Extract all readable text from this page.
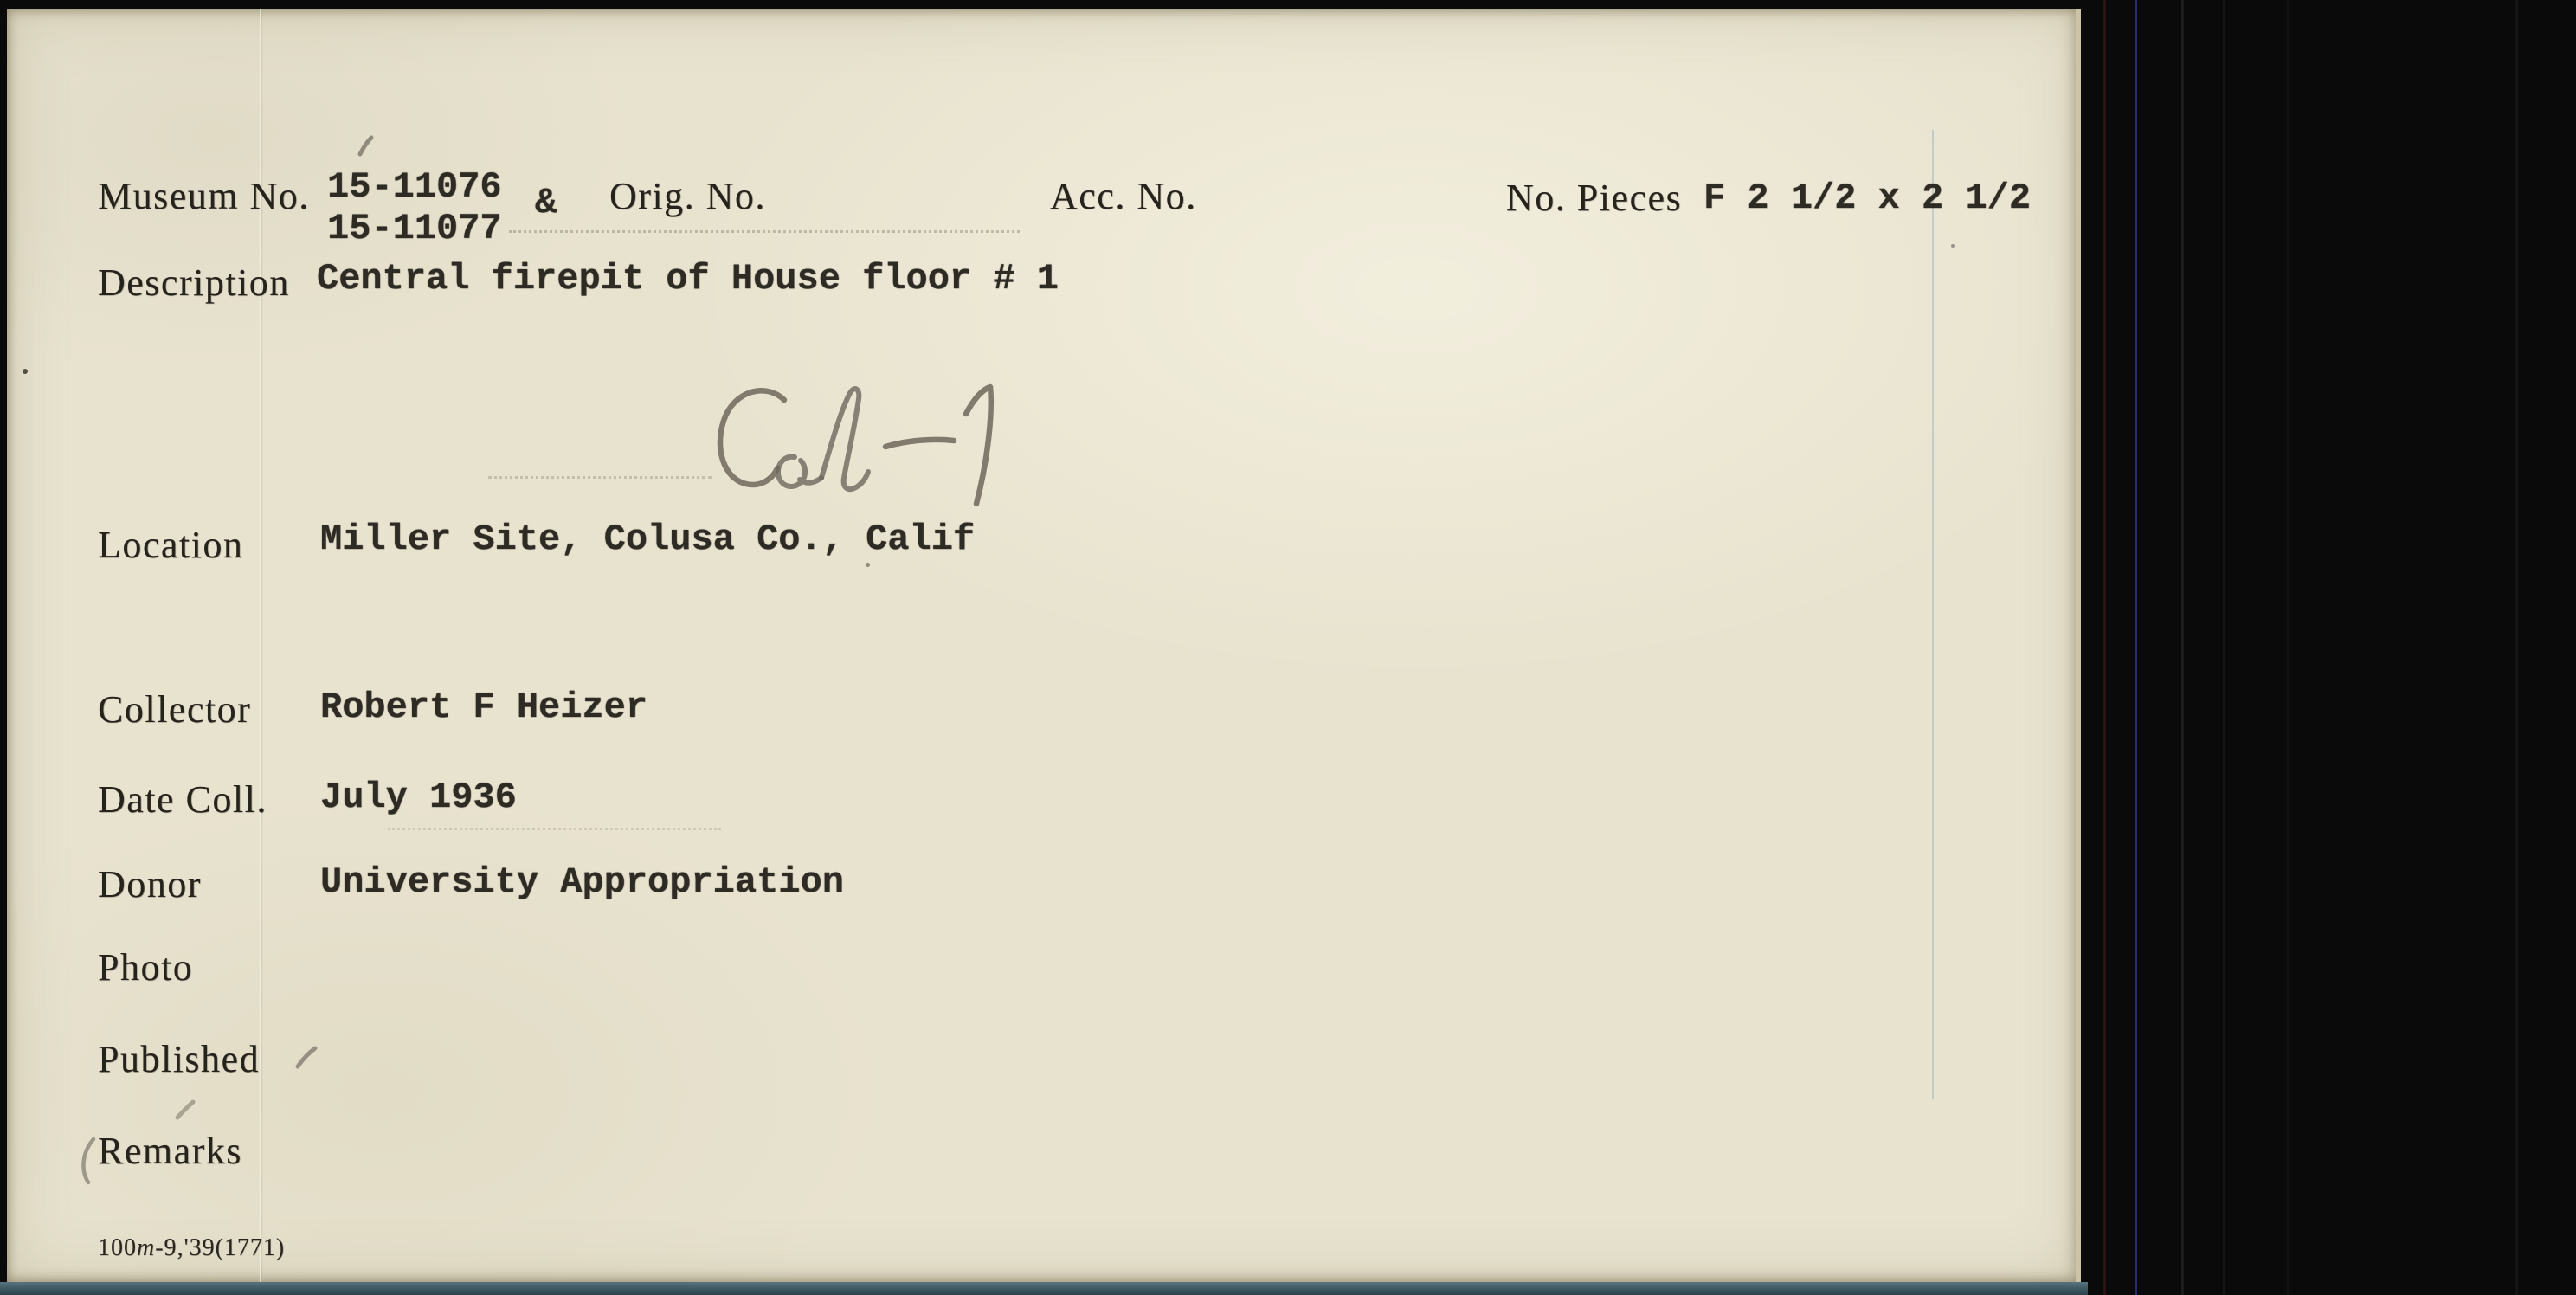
Museum No. 15-11076 &
15-11077
Orig. No.	Acc. No.	No. Pieces F 2 1/2 x 2 1/2
Description Central firepit of House floor # 1
Location Miller Site, Colusa Co., Calif
Collector Robert F Heizer
Date Coll. July 1936
Donor	University Appropriation
Photo
Published
Remarks
100m-9,'39(1771)
